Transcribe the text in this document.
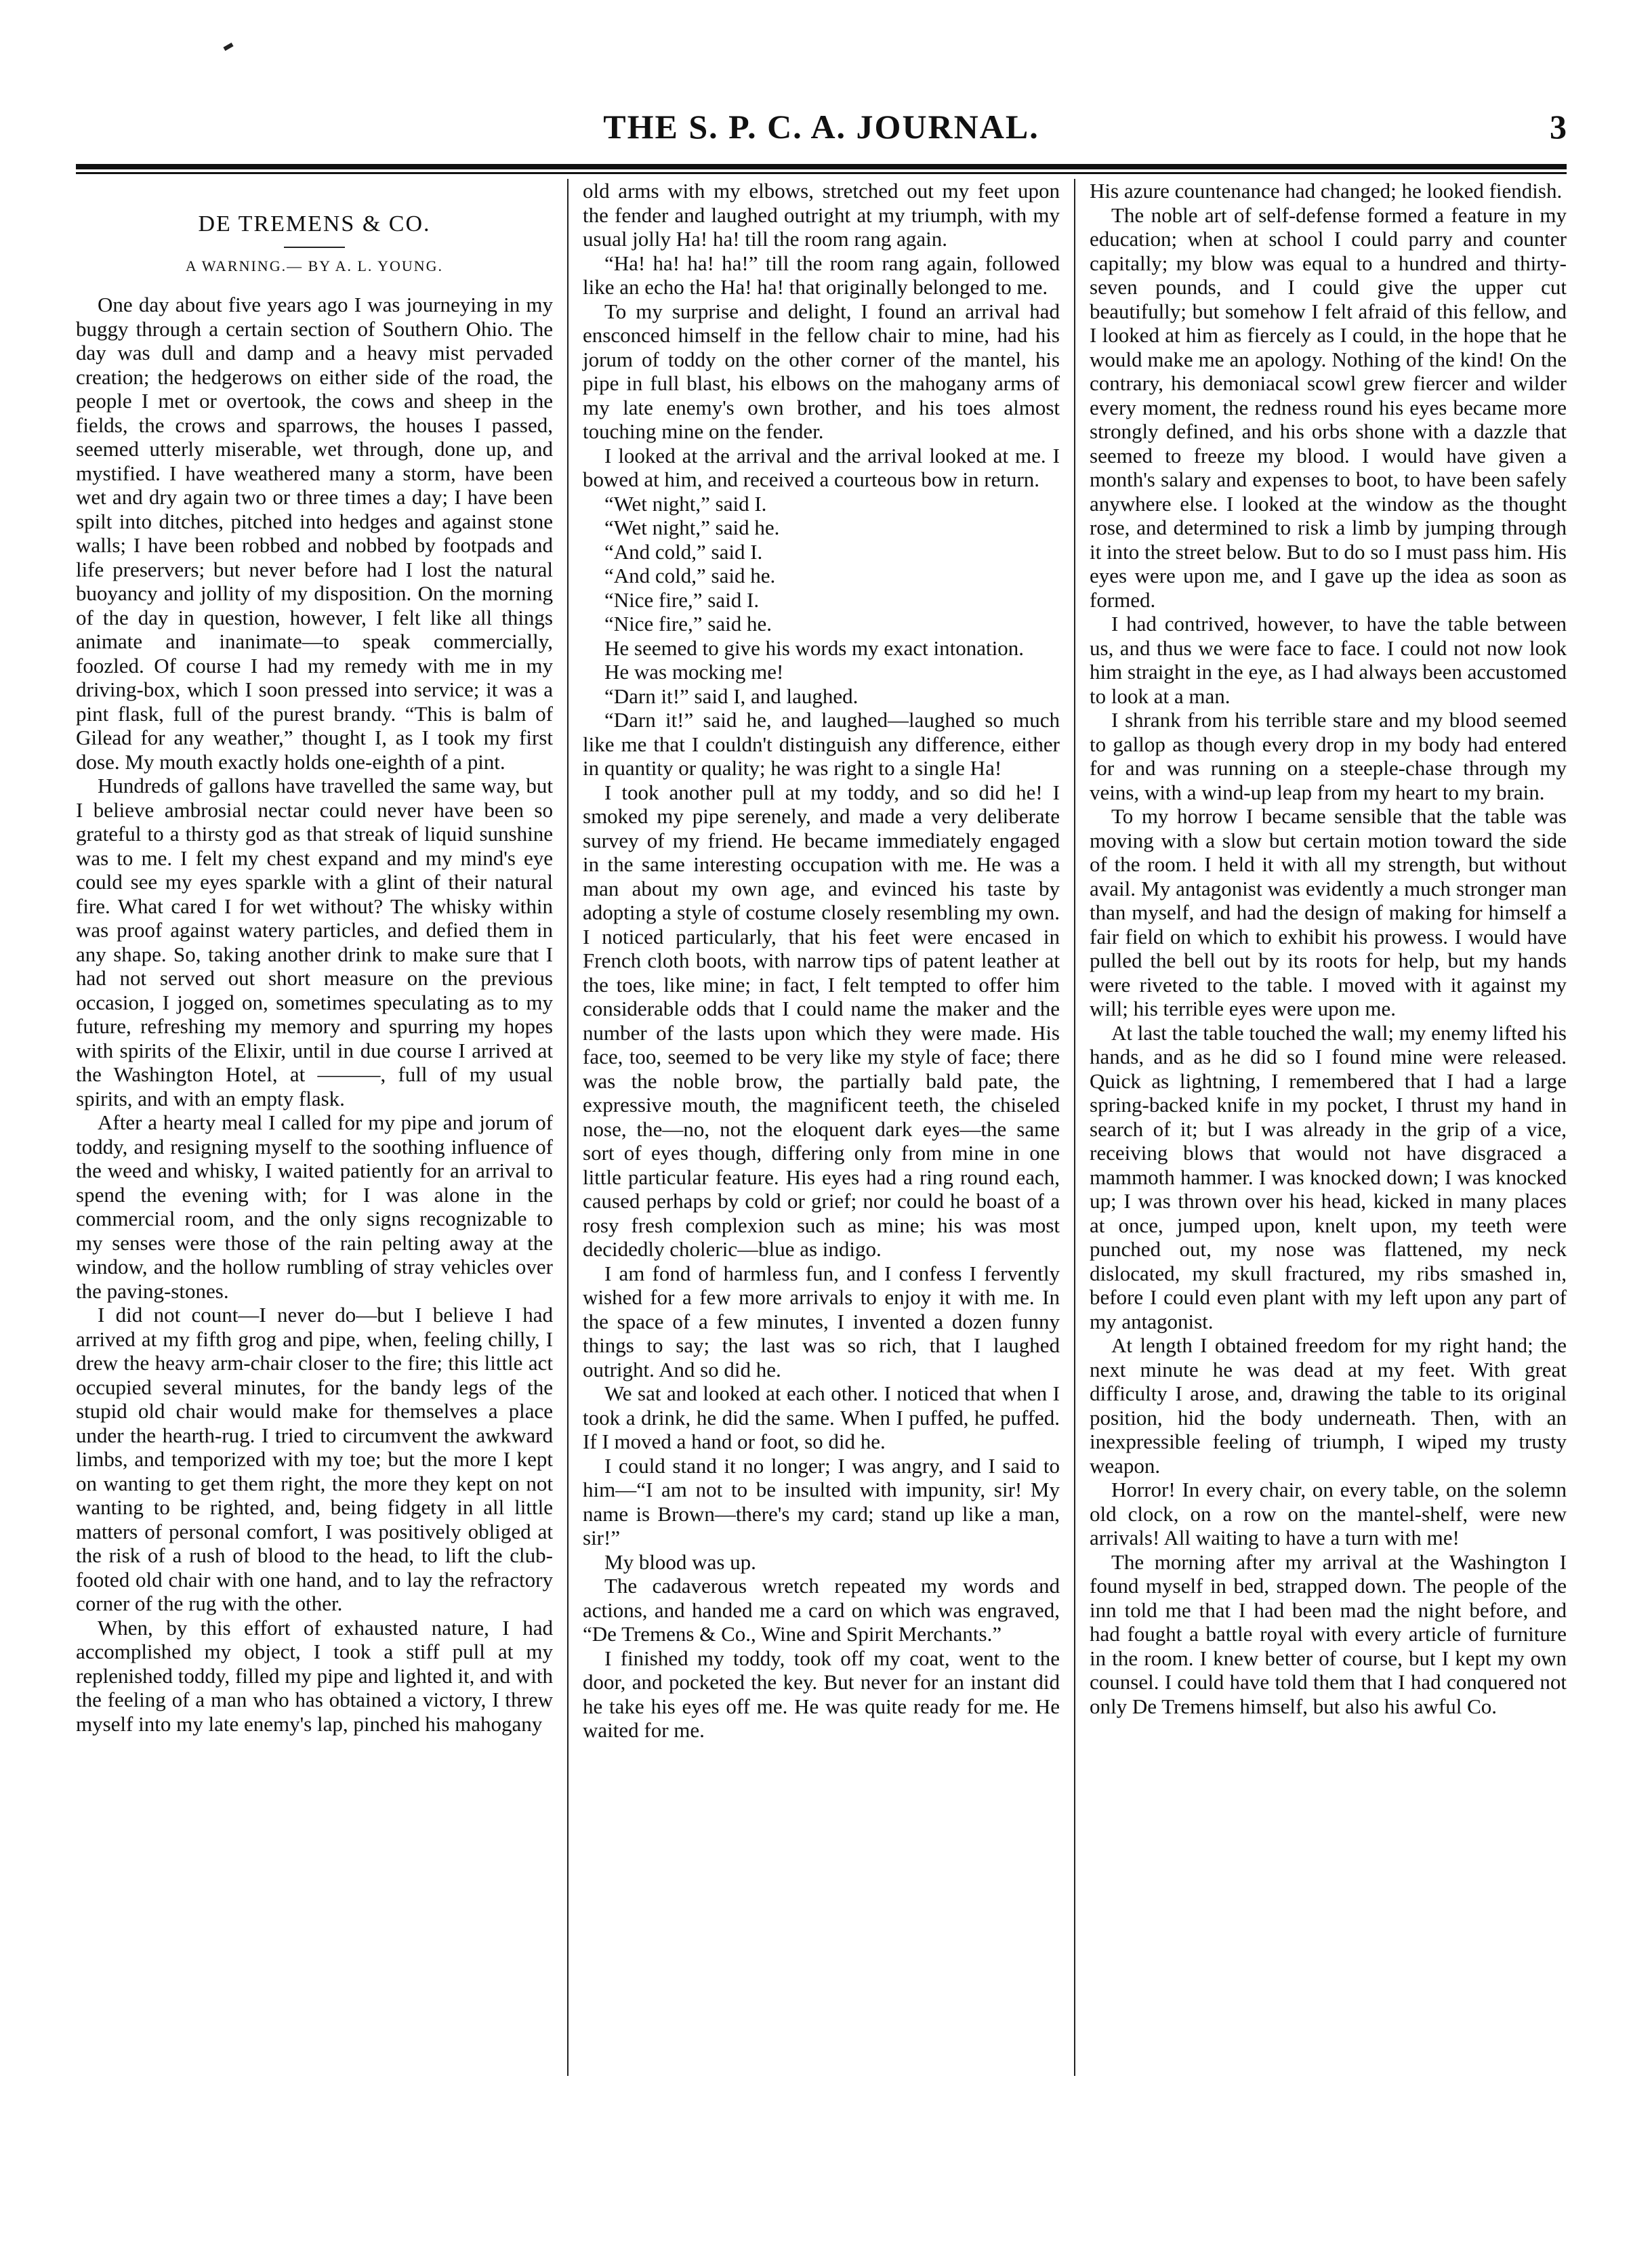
THE S. P. C. A. JOURNAL.	3
DE TREMENS & CO.
A WARNING.— BY A. L. YOUNG.

One day about five years ago I was journeying in my buggy through a certain section of Southern Ohio. The day was dull and damp and a heavy mist pervaded creation; the hedgerows on either side of the road, the people I met or overtook, the cows and sheep in the fields, the crows and sparrows, the houses I passed, seemed utterly miserable, wet through, done up, and mystified. I have weathered many a storm, have been wet and dry again two or three times a day; I have been spilt into ditches, pitched into hedges and against stone walls; I have been robbed and nobbed by footpads and life preservers; but never before had I lost the natural buoyancy and jollity of my disposition. On the morning of the day in question, however, I felt like all things animate and inanimate—to speak commercially, foozled. Of course I had my remedy with me in my driving-box, which I soon pressed into service; it was a pint flask, full of the purest brandy. “This is balm of Gilead for any weather,” thought I, as I took my first dose. My mouth exactly holds one-eighth of a pint.

Hundreds of gallons have travelled the same way, but I believe ambrosial nectar could never have been so grateful to a thirsty god as that streak of liquid sunshine was to me. I felt my chest expand and my mind's eye could see my eyes sparkle with a glint of their natural fire. What cared I for wet without? The whisky within was proof against watery particles, and defied them in any shape. So, taking another drink to make sure that I had not served out short measure on the previous occasion, I jogged on, sometimes speculating as to my future, refreshing my memory and spurring my hopes with spirits of the Elixir, until in due course I arrived at the Washington Hotel, at ———, full of my usual spirits, and with an empty flask.

After a hearty meal I called for my pipe and jorum of toddy, and resigning myself to the soothing influence of the weed and whisky, I waited patiently for an arrival to spend the evening with; for I was alone in the commercial room, and the only signs recognizable to my senses were those of the rain pelting away at the window, and the hollow rumbling of stray vehicles over the paving-stones.

I did not count—I never do—but I believe I had arrived at my fifth grog and pipe, when, feeling chilly, I drew the heavy arm-chair closer to the fire; this little act occupied several minutes, for the bandy legs of the stupid old chair would make for themselves a place under the hearth-rug. I tried to circumvent the awkward limbs, and temporized with my toe; but the more I kept on wanting to get them right, the more they kept on not wanting to be righted, and, being fidgety in all little matters of personal comfort, I was positively obliged at the risk of a rush of blood to the head, to lift the club-footed old chair with one hand, and to lay the refractory corner of the rug with the other.

When, by this effort of exhausted nature, I had accomplished my object, I took a stiff pull at my replenished toddy, filled my pipe and lighted it, and with the feeling of a man who has obtained a victory, I threw myself into my late enemy's lap, pinched his mahogany

old arms with my elbows, stretched out my feet upon the fender and laughed outright at my triumph, with my usual jolly Ha! ha! till the room rang again.

“Ha! ha! ha! ha!” till the room rang again, followed like an echo the Ha! ha! that originally belonged to me.

To my surprise and delight, I found an arrival had ensconced himself in the fellow chair to mine, had his jorum of toddy on the other corner of the mantel, his pipe in full blast, his elbows on the mahogany arms of my late enemy's own brother, and his toes almost touching mine on the fender.

I looked at the arrival and the arrival looked at me. I bowed at him, and received a courteous bow in return.

“Wet night,” said I.

“Wet night,” said he.

“And cold,” said I.

“And cold,” said he.

“Nice fire,” said I.

“Nice fire,” said he.

He seemed to give his words my exact intonation.

He was mocking me!

“Darn it!” said I, and laughed.

“Darn it!” said he, and laughed—laughed so much like me that I couldn't distinguish any difference, either in quantity or quality; he was right to a single Ha!

I took another pull at my toddy, and so did he! I smoked my pipe serenely, and made a very deliberate survey of my friend. He became immediately engaged in the same interesting occupation with me. He was a man about my own age, and evinced his taste by adopting a style of costume closely resembling my own. I noticed particularly, that his feet were encased in French cloth boots, with narrow tips of patent leather at the toes, like mine; in fact, I felt tempted to offer him considerable odds that I could name the maker and the number of the lasts upon which they were made. His face, too, seemed to be very like my style of face; there was the noble brow, the partially bald pate, the expressive mouth, the magnificent teeth, the chiseled nose, the—no, not the eloquent dark eyes—the same sort of eyes though, differing only from mine in one little particular feature. His eyes had a ring round each, caused perhaps by cold or grief; nor could he boast of a rosy fresh complexion such as mine; his was most decidedly choleric—blue as indigo.

I am fond of harmless fun, and I confess I fervently wished for a few more arrivals to enjoy it with me. In the space of a few minutes, I invented a dozen funny things to say; the last was so rich, that I laughed outright. And so did he.

We sat and looked at each other. I noticed that when I took a drink, he did the same. When I puffed, he puffed. If I moved a hand or foot, so did he.

I could stand it no longer; I was angry, and I said to him—“I am not to be insulted with impunity, sir! My name is Brown—there's my card; stand up like a man, sir!”

My blood was up.

The cadaverous wretch repeated my words and actions, and handed me a card on which was engraved, “De Tremens & Co., Wine and Spirit Merchants.”

I finished my toddy, took off my coat, went to the door, and pocketed the key. But never for an instant did he take his eyes off me. He was quite ready for me. He waited for me.

His azure countenance had changed; he looked fiendish.

The noble art of self-defense formed a feature in my education; when at school I could parry and counter capitally; my blow was equal to a hundred and thirty-seven pounds, and I could give the upper cut beautifully; but somehow I felt afraid of this fellow, and I looked at him as fiercely as I could, in the hope that he would make me an apology. Nothing of the kind! On the contrary, his demoniacal scowl grew fiercer and wilder every moment, the redness round his eyes became more strongly defined, and his orbs shone with a dazzle that seemed to freeze my blood. I would have given a month's salary and expenses to boot, to have been safely anywhere else. I looked at the window as the thought rose, and determined to risk a limb by jumping through it into the street below. But to do so I must pass him. His eyes were upon me, and I gave up the idea as soon as formed.

I had contrived, however, to have the table between us, and thus we were face to face. I could not now look him straight in the eye, as I had always been accustomed to look at a man.

I shrank from his terrible stare and my blood seemed to gallop as though every drop in my body had entered for and was running on a steeple-chase through my veins, with a wind-up leap from my heart to my brain.

To my horrow I became sensible that the table was moving with a slow but certain motion toward the side of the room. I held it with all my strength, but without avail. My antagonist was evidently a much stronger man than myself, and had the design of making for himself a fair field on which to exhibit his prowess. I would have pulled the bell out by its roots for help, but my hands were riveted to the table. I moved with it against my will; his terrible eyes were upon me.

At last the table touched the wall; my enemy lifted his hands, and as he did so I found mine were released. Quick as lightning, I remembered that I had a large spring-backed knife in my pocket, I thrust my hand in search of it; but I was already in the grip of a vice, receiving blows that would not have disgraced a mammoth hammer. I was knocked down; I was knocked up; I was thrown over his head, kicked in many places at once, jumped upon, knelt upon, my teeth were punched out, my nose was flattened, my neck dislocated, my skull fractured, my ribs smashed in, before I could even plant with my left upon any part of my antagonist.

At length I obtained freedom for my right hand; the next minute he was dead at my feet. With great difficulty I arose, and, drawing the table to its original position, hid the body underneath. Then, with an inexpressible feeling of triumph, I wiped my trusty weapon.

Horror! In every chair, on every table, on the solemn old clock, on a row on the mantel-shelf, were new arrivals! All waiting to have a turn with me!

The morning after my arrival at the Washington I found myself in bed, strapped down. The people of the inn told me that I had been mad the night before, and had fought a battle royal with every article of furniture in the room. I knew better of course, but I kept my own counsel. I could have told them that I had conquered not only De Tremens himself, but also his awful Co.
